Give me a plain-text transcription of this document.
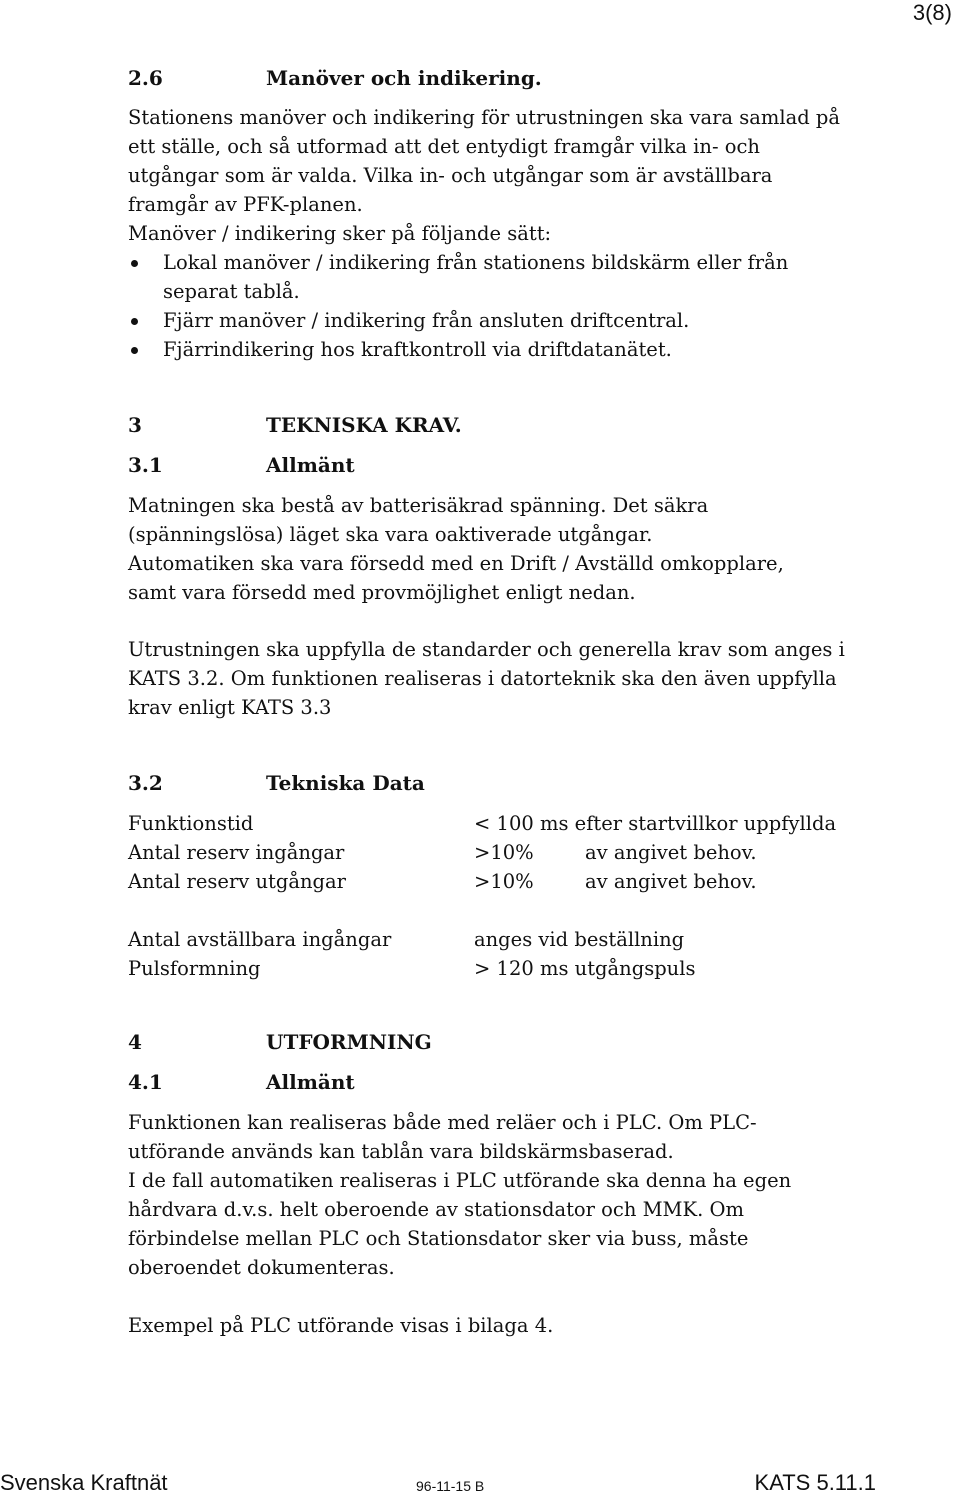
3(8)
2.6	Manöver och indikering.
Stationens manöver och indikering för utrustningen ska vara samlad på
ett ställe, och så utformad att det entydigt framgår vilka in- och
utgångar som är valda. Vilka in- och utgångar som är avställbara
framgår av PFK-planen.
Manöver / indikering sker på följande sätt:
Lokal manöver / indikering från stationens bildskärm eller från
separat tablå.
Fjärr manöver / indikering från ansluten driftcentral.
Fjärrindikering hos kraftkontroll via driftdatanätet.
3	TEKNISKA KRAV.
3.1	Allmänt
Matningen ska bestå av batterisäkrad spänning. Det säkra
(spänningslösa) läget ska vara oaktiverade utgångar.
Automatiken ska vara försedd med en Drift / Avställd omkopplare,
samt vara försedd med provmöjlighet enligt nedan.
Utrustningen ska uppfylla de standarder och generella krav som anges i
KATS 3.2. Om funktionen realiseras i datorteknik ska den även uppfylla
krav enligt KATS 3.3
3.2	Tekniska Data
Funktionstid	< 100 ms efter startvillkor uppfyllda
Antal reserv ingångar	>10%	av angivet behov.
Antal reserv utgångar	>10%	av angivet behov.
Antal avställbara ingångar	anges vid beställning
Pulsformning	> 120 ms utgångspuls
4	UTFORMNING
4.1	Allmänt
Funktionen kan realiseras både med reläer och i PLC. Om PLC-
utförande används kan tablån vara bildskärmsbaserad.
I de fall automatiken realiseras i PLC utförande ska denna ha egen
hårdvara d.v.s. helt oberoende av stationsdator och MMK. Om
förbindelse mellan PLC och Stationsdator sker via buss, måste
oberoendet dokumenteras.
Exempel på PLC utförande visas i bilaga 4.
Svenska Kraftnät	96-11-15 B	KATS 5.11.1
